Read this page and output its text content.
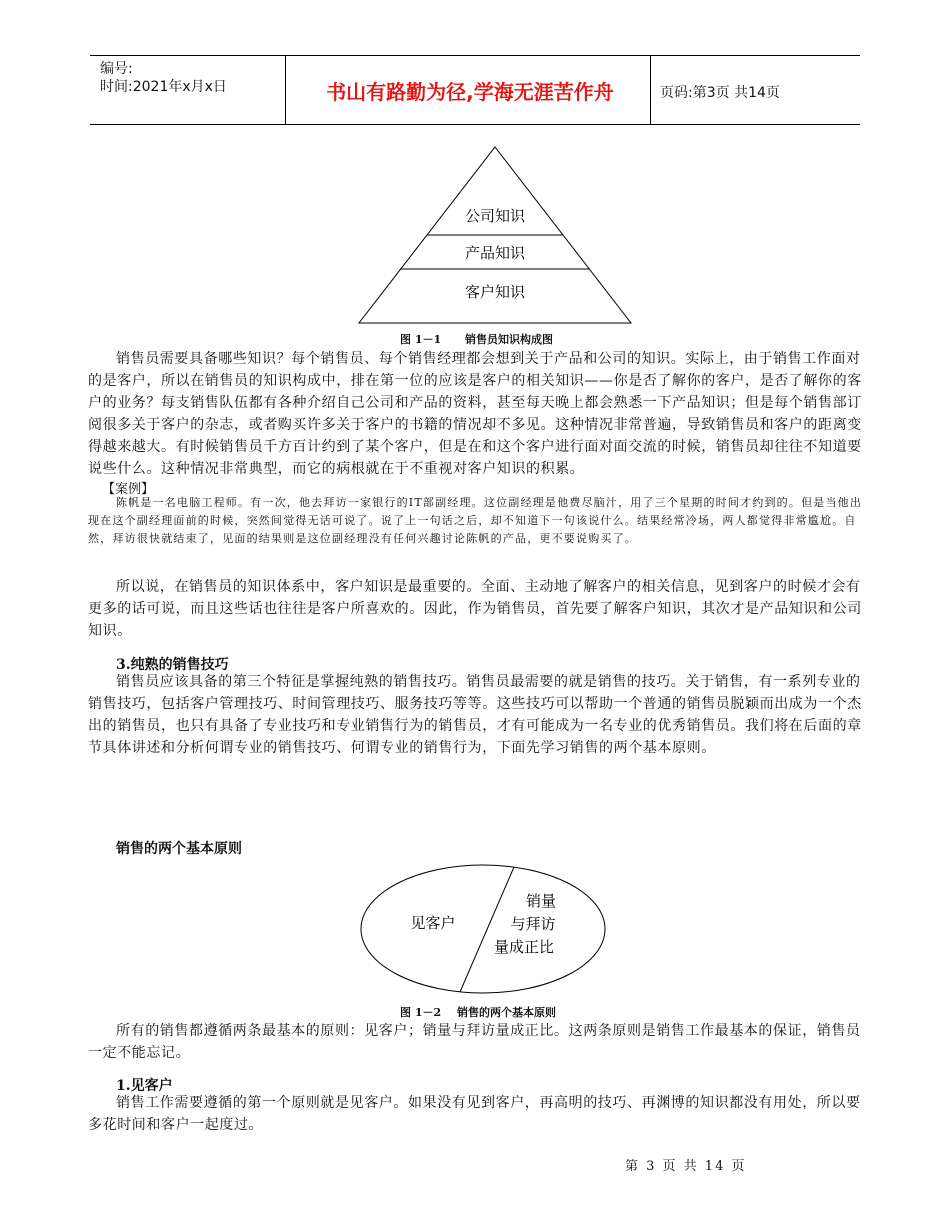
编号:
时间:2021年x月x日	书山有路勤为径,学海无涯苦作舟	页码:第3页 共14页
公司知识
产品知识
客户知识
图 1－1 销售员知识构成图

销售员需要具备哪些知识？每个销售员、每个销售经理都会想到关于产品和公司的知识。实际上，由于销售工作面对的是客户，所以在销售员的知识构成中，排在第一位的应该是客户的相关知识——你是否了解你的客户，是否了解你的客户的业务？每支销售队伍都有各种介绍自己公司和产品的资料，甚至每天晚上都会熟悉一下产品知识；但是每个销售部订阅很多关于客户的杂志，或者购买许多关于客户的书籍的情况却不多见。这种情况非常普遍，导致销售员和客户的距离变得越来越大。有时候销售员千方百计约到了某个客户，但是在和这个客户进行面对面交流的时候，销售员却往往不知道要说些什么。这种情况非常典型，而它的病根就在于不重视对客户知识的积累。

【案例】

陈帆是一名电脑工程师。有一次，他去拜访一家银行的IT部副经理。这位副经理是他费尽脑汁，用了三个星期的时间才约到的。但是当他出现在这个副经理面前的时候，突然间觉得无话可说了。说了上一句话之后，却不知道下一句该说什么。结果经常冷场，两人都觉得非常尴尬。自然，拜访很快就结束了，见面的结果则是这位副经理没有任何兴趣讨论陈帆的产品，更不要说购买了。

所以说，在销售员的知识体系中，客户知识是最重要的。全面、主动地了解客户的相关信息，见到客户的时候才会有更多的话可说，而且这些话也往往是客户所喜欢的。因此，作为销售员，首先要了解客户知识，其次才是产品知识和公司知识。

3.纯熟的销售技巧

销售员应该具备的第三个特征是掌握纯熟的销售技巧。销售员最需要的就是销售的技巧。关于销售，有一系列专业的销售技巧，包括客户管理技巧、时间管理技巧、服务技巧等等。这些技巧可以帮助一个普通的销售员脱颖而出成为一个杰出的销售员，也只有具备了专业技巧和专业销售行为的销售员，才有可能成为一名专业的优秀销售员。我们将在后面的章节具体讲述和分析何谓专业的销售技巧、何谓专业的销售行为，下面先学习销售的两个基本原则。

销售的两个基本原则
见客户
销量
与拜访
量成正比
图 1－2 销售的两个基本原则

所有的销售都遵循两条最基本的原则：见客户；销量与拜访量成正比。这两条原则是销售工作最基本的保证，销售员一定不能忘记。

1.见客户

销售工作需要遵循的第一个原则就是见客户。如果没有见到客户，再高明的技巧、再渊博的知识都没有用处，所以要多花时间和客户一起度过。

第 3 页 共 14 页
